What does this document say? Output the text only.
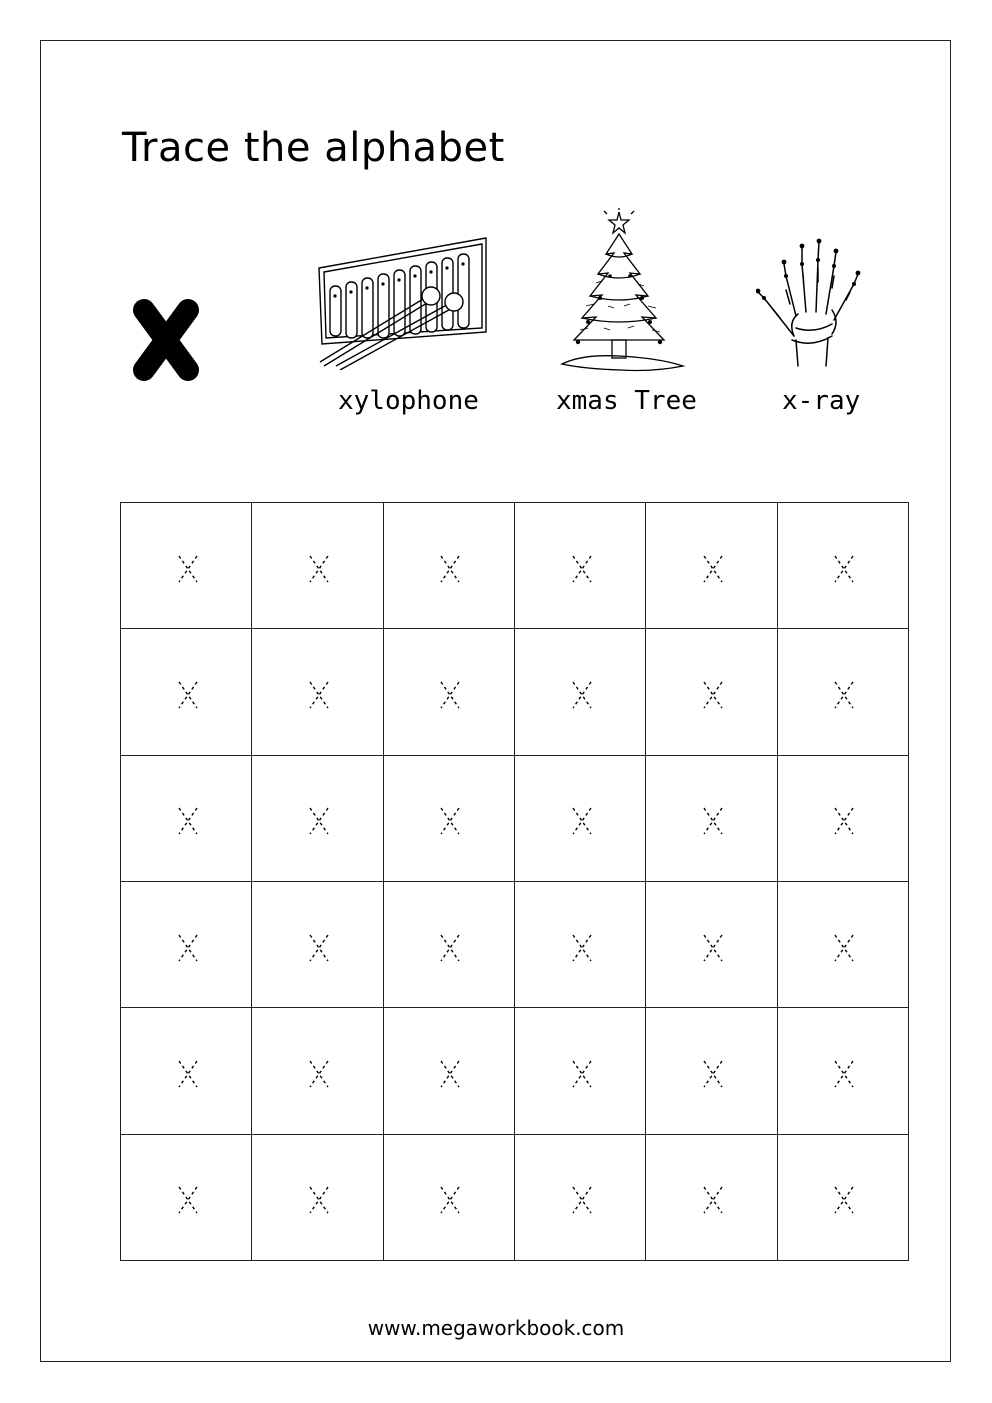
Trace the alphabet
xylophone	xmas Tree	x-ray
www.megaworkbook.com
